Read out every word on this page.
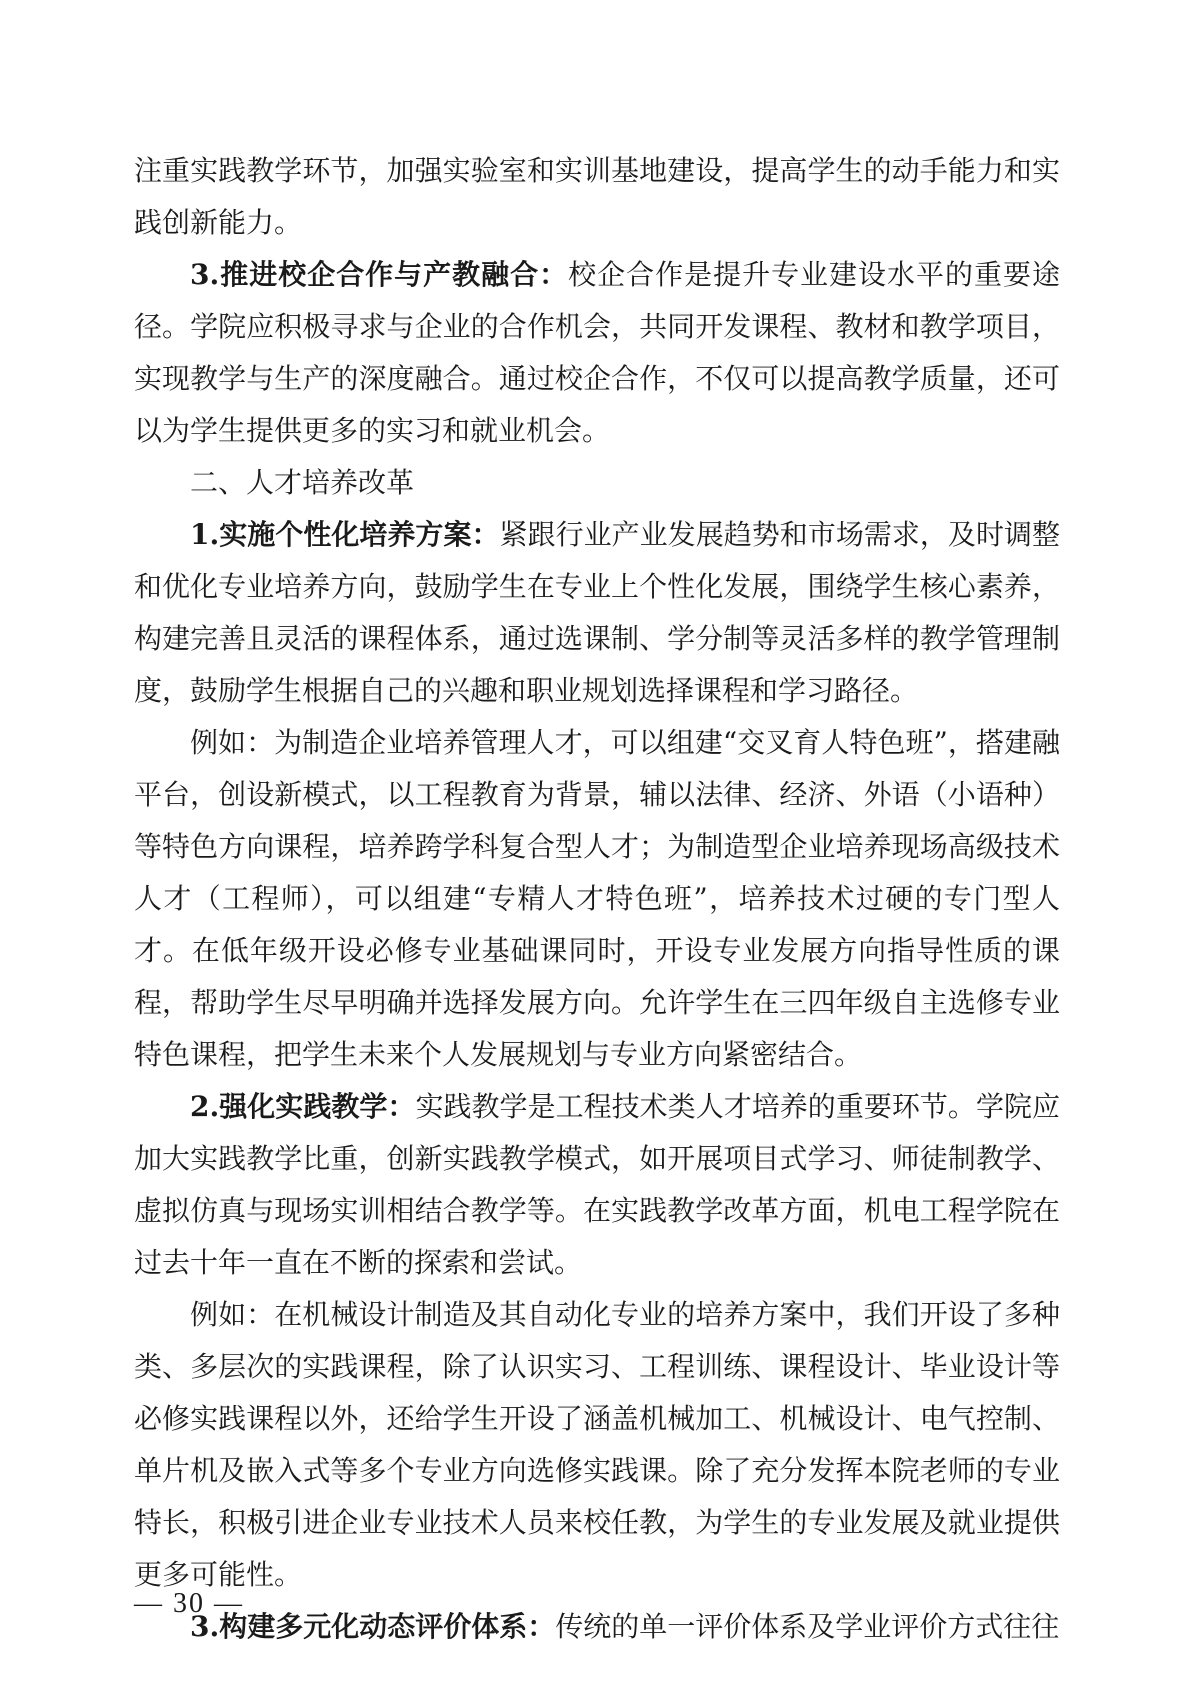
注重实践教学环节，加强实验室和实训基地建设，提高学生的动手能力和实践创新能力。

3.推进校企合作与产教融合：校企合作是提升专业建设水平的重要途径。学院应积极寻求与企业的合作机会，共同开发课程、教材和教学项目，实现教学与生产的深度融合。通过校企合作，不仅可以提高教学质量，还可以为学生提供更多的实习和就业机会。

二、人才培养改革

1.实施个性化培养方案：紧跟行业产业发展趋势和市场需求，及时调整和优化专业培养方向，鼓励学生在专业上个性化发展，围绕学生核心素养，构建完善且灵活的课程体系，通过选课制、学分制等灵活多样的教学管理制度，鼓励学生根据自己的兴趣和职业规划选择课程和学习路径。

例如：为制造企业培养管理人才，可以组建“交叉育人特色班”，搭建融平台，创设新模式，以工程教育为背景，辅以法律、经济、外语（小语种）等特色方向课程，培养跨学科复合型人才；为制造型企业培养现场高级技术人才（工程师），可以组建“专精人才特色班”，培养技术过硬的专门型人才。在低年级开设必修专业基础课同时，开设专业发展方向指导性质的课程，帮助学生尽早明确并选择发展方向。允许学生在三四年级自主选修专业特色课程，把学生未来个人发展规划与专业方向紧密结合。

2.强化实践教学：实践教学是工程技术类人才培养的重要环节。学院应加大实践教学比重，创新实践教学模式，如开展项目式学习、师徒制教学、虚拟仿真与现场实训相结合教学等。在实践教学改革方面，机电工程学院在过去十年一直在不断的探索和尝试。

例如：在机械设计制造及其自动化专业的培养方案中，我们开设了多种类、多层次的实践课程，除了认识实习、工程训练、课程设计、毕业设计等必修实践课程以外，还给学生开设了涵盖机械加工、机械设计、电气控制、单片机及嵌入式等多个专业方向选修实践课。除了充分发挥本院老师的专业特长，积极引进企业专业技术人员来校任教，为学生的专业发展及就业提供更多可能性。

3.构建多元化动态评价体系：传统的单一评价体系及学业评价方式往往

— 30 —
